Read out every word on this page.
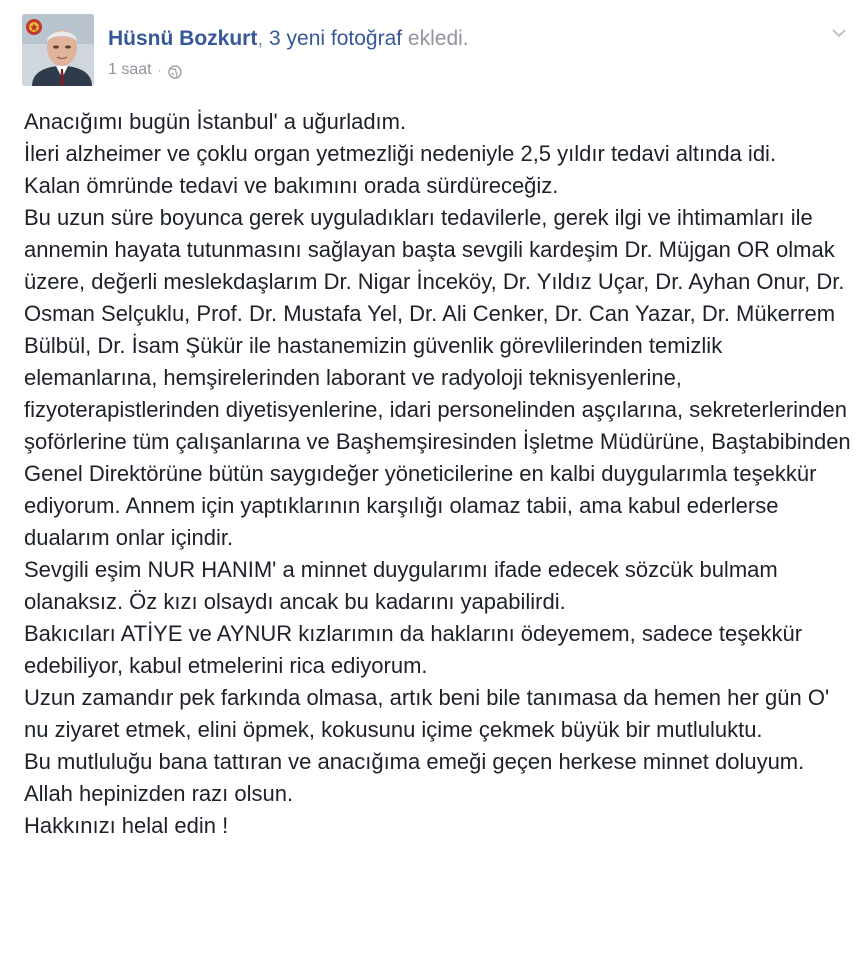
Hüsnü Bozkurt, 3 yeni fotoğraf ekledi.
1 saat ·

Anacığımı bugün İstanbul' a uğurladım.

İleri alzheimer ve çoklu organ yetmezliği nedeniyle 2,5 yıldır tedavi altında idi.

Kalan ömründe tedavi ve bakımını orada sürdüreceğiz.

Bu uzun süre boyunca gerek uyguladıkları tedavilerle, gerek ilgi ve ihtimamları ile annemin hayata tutunmasını sağlayan başta sevgili kardeşim Dr. Müjgan OR olmak üzere, değerli meslekdaşlarım Dr. Nigar İnceköy, Dr. Yıldız Uçar, Dr. Ayhan Onur, Dr. Osman Selçuklu, Prof. Dr. Mustafa Yel, Dr. Ali Cenker, Dr. Can Yazar, Dr. Mükerrem Bülbül, Dr. İsam Şükür ile hastanemizin güvenlik görevlilerinden temizlik elemanlarına, hemşirelerinden laborant ve radyoloji teknisyenlerine, fizyoterapistlerinden diyetisyenlerine, idari personelinden aşçılarına, sekreterlerinden şoförlerine tüm çalışanlarına ve Başhemşiresinden İşletme Müdürüne, Baştabibinden Genel Direktörüne bütün saygıdeğer yöneticilerine en kalbi duygularımla teşekkür ediyorum. Annem için yaptıklarının karşılığı olamaz tabii, ama kabul ederlerse dualarım onlar içindir.

Sevgili eşim NUR HANIM' a minnet duygularımı ifade edecek sözcük bulmam olanaksız. Öz kızı olsaydı ancak bu kadarını yapabilirdi.

Bakıcıları ATİYE ve AYNUR kızlarımın da haklarını ödeyemem, sadece teşekkür edebiliyor, kabul etmelerini rica ediyorum.

Uzun zamandır pek farkında olmasa, artık beni bile tanımasa da hemen her gün O' nu ziyaret etmek, elini öpmek, kokusunu içime çekmek büyük bir mutluluktu.

Bu mutluluğu bana tattıran ve anacığıma emeği geçen herkese minnet doluyum.

Allah hepinizden razı olsun.

Hakkınızı helal edin !
